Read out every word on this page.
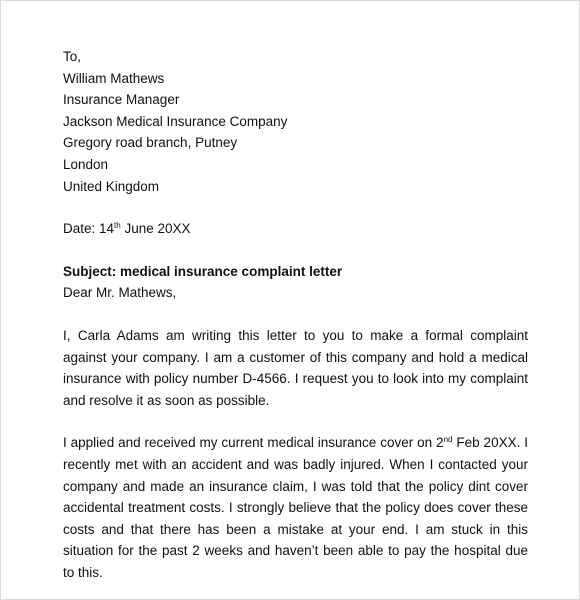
To,
William Mathews
Insurance Manager
Jackson Medical Insurance Company
Gregory road branch, Putney
London
United Kingdom
Date: 14th June 20XX
Subject: medical insurance complaint letter
Dear Mr. Mathews,
I, Carla Adams am writing this letter to you to make a formal complaint against your company. I am a customer of this company and hold a medical insurance with policy number D-4566. I request you to look into my complaint and resolve it as soon as possible.
I applied and received my current medical insurance cover on 2nd Feb 20XX. I recently met with an accident and was badly injured. When I contacted your company and made an insurance claim, I was told that the policy dint cover accidental treatment costs. I strongly believe that the policy does cover these costs and that there has been a mistake at your end. I am stuck in this situation for the past 2 weeks and haven’t been able to pay the hospital due to this.
